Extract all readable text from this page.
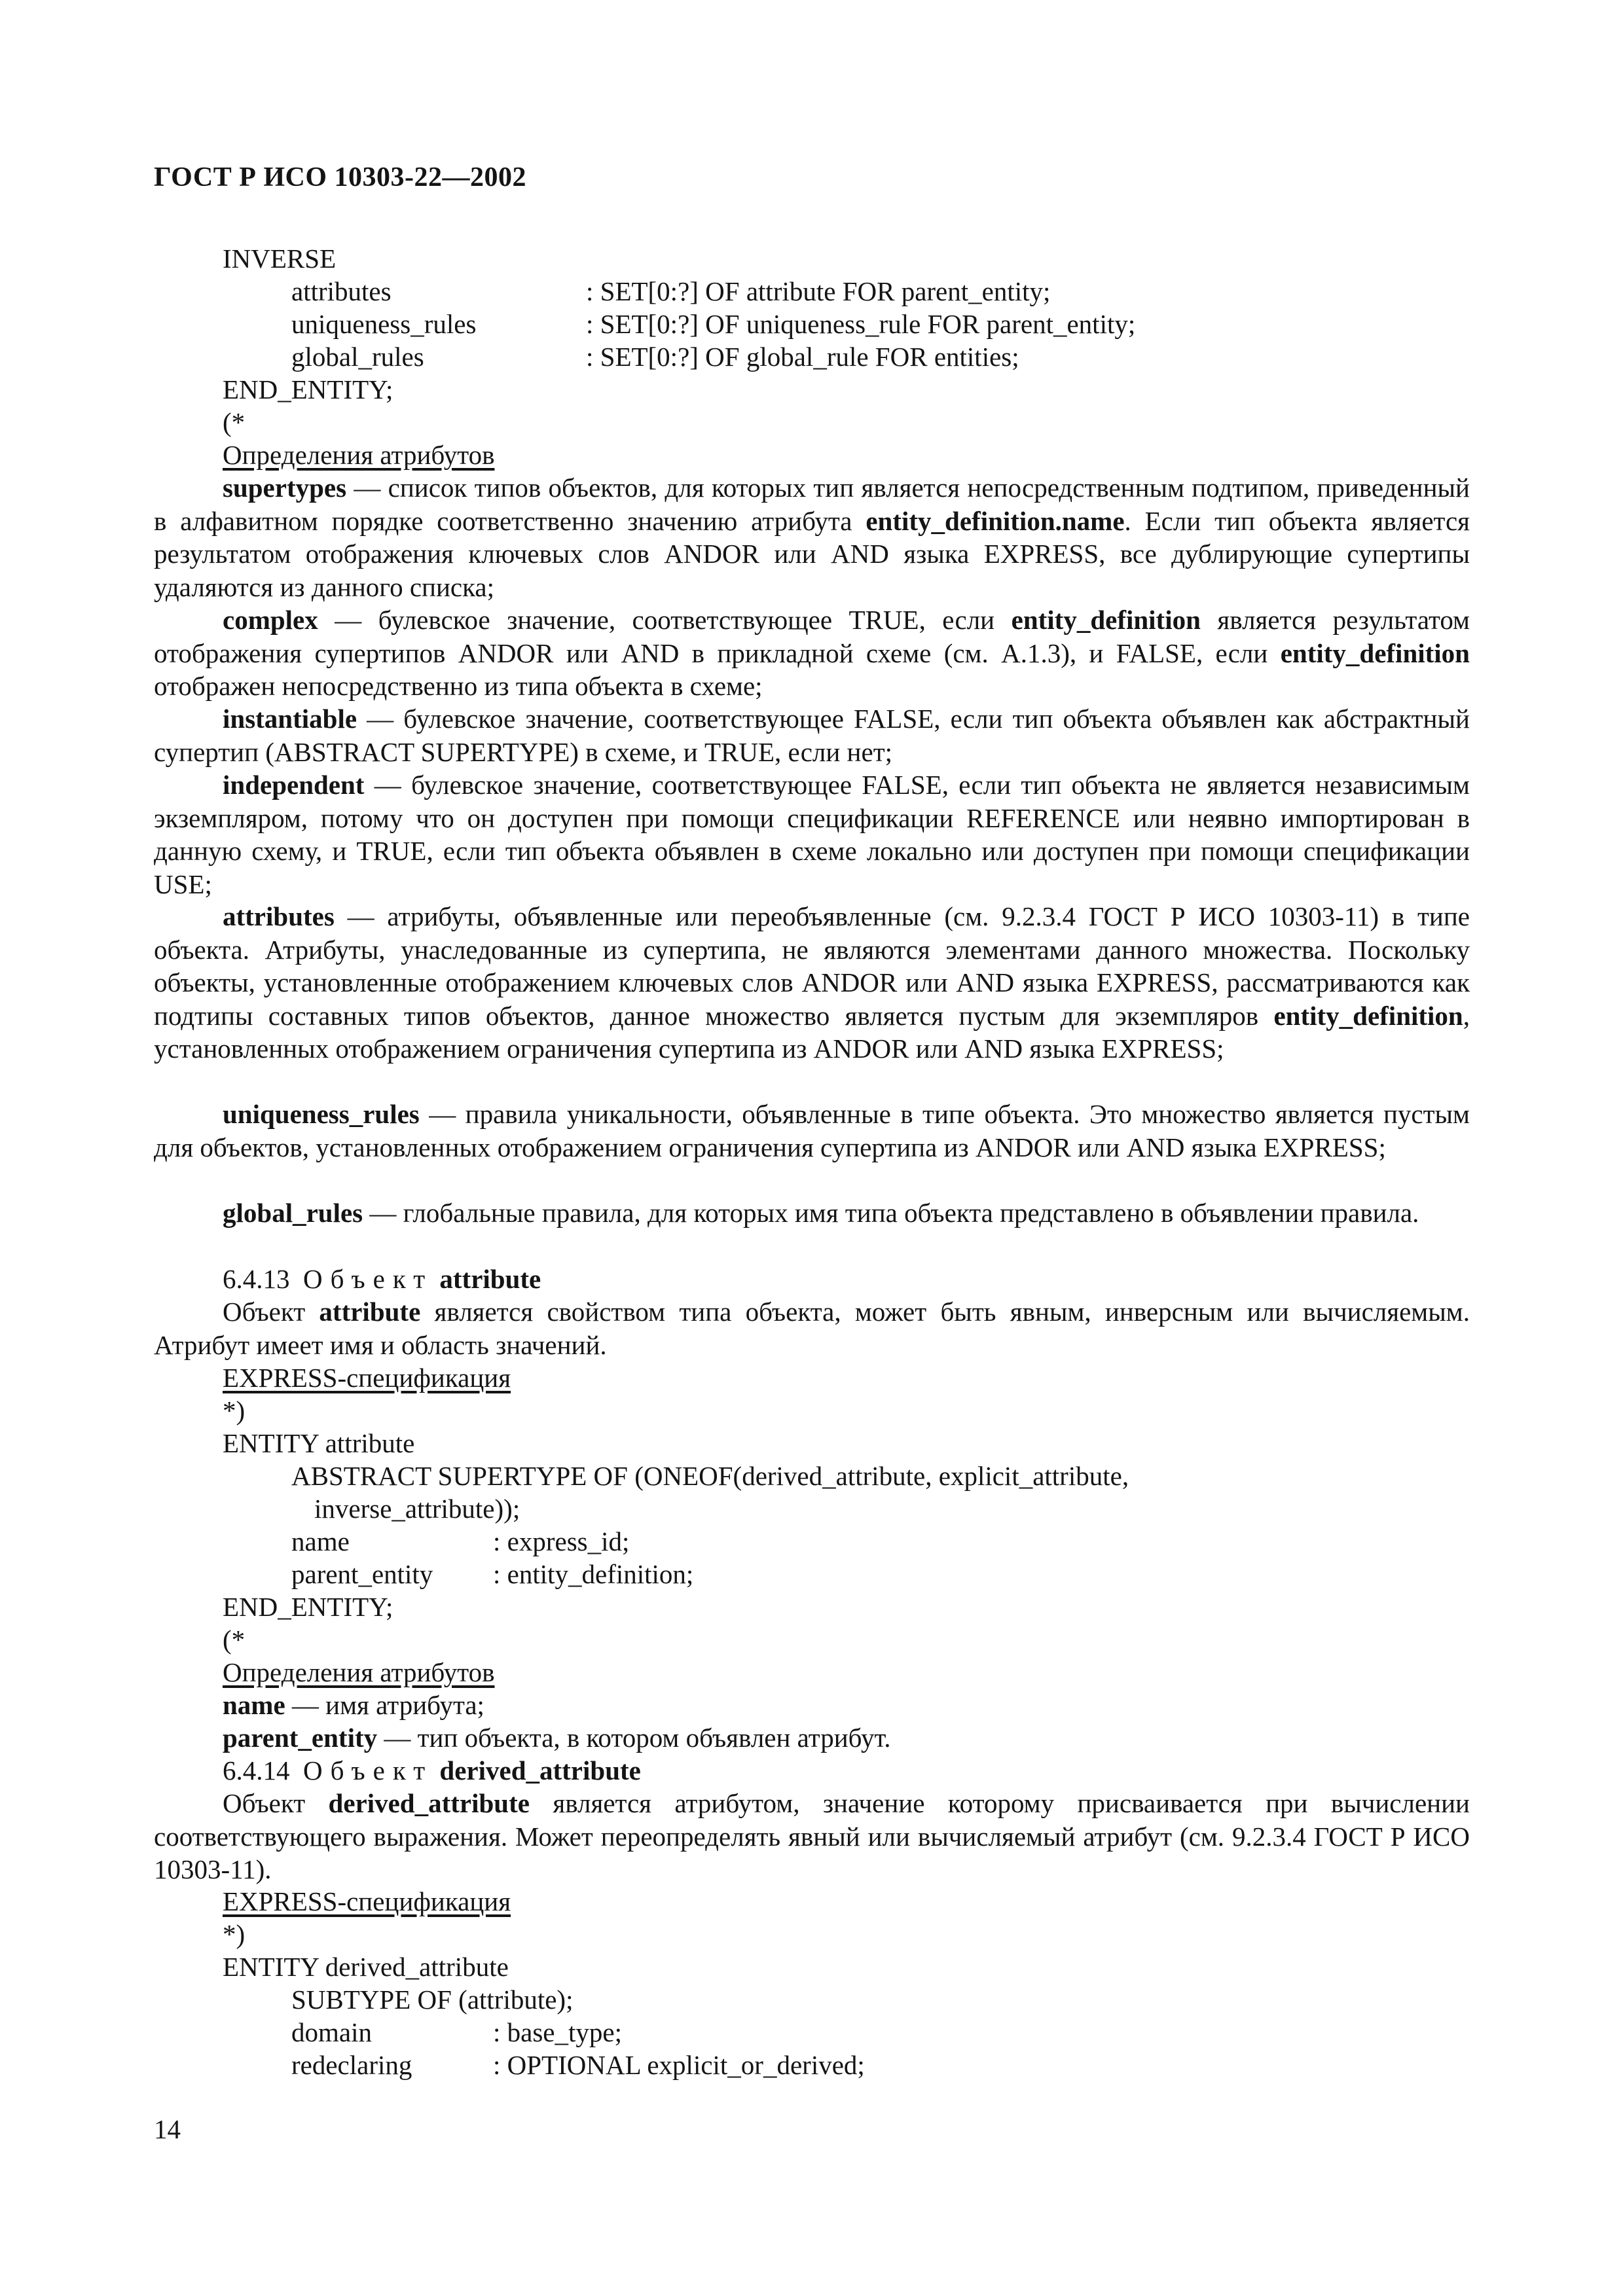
ГОСТ Р ИСО 10303-22—2002
INVERSE
attributes	: SET[0:?] OF attribute FOR parent_entity;
uniqueness_rules	: SET[0:?] OF uniqueness_rule FOR parent_entity;
global_rules	: SET[0:?] OF global_rule FOR entities;
END_ENTITY;
(*
Определения атрибутов
supertypes — список типов объектов, для которых тип является непосредственным подтипом, приведенный в алфавитном порядке соответственно значению атрибута entity_definition.name. Если тип объекта является результатом отображения ключевых слов ANDOR или AND языка EXPRESS, все дублирующие супертипы удаляются из данного списка;
complex — булевское значение, соответствующее TRUE, если entity_definition является результатом отображения супертипов ANDOR или AND в прикладной схеме (см. А.1.3), и FALSE, если entity_definition отображен непосредственно из типа объекта в схеме;
instantiable — булевское значение, соответствующее FALSE, если тип объекта объявлен как абстрактный супертип (ABSTRACT SUPERTYPE) в схеме, и TRUE, если нет;
independent — булевское значение, соответствующее FALSE, если тип объекта не является независимым экземпляром, потому что он доступен при помощи спецификации REFERENCE или неявно импортирован в данную схему, и TRUE, если тип объекта объявлен в схеме локально или доступен при помощи спецификации USE;
attributes — атрибуты, объявленные или переобъявленные (см. 9.2.3.4 ГОСТ Р ИСО 10303-11) в типе объекта. Атрибуты, унаследованные из супертипа, не являются элементами данного множества. Поскольку объекты, установленные отображением ключевых слов ANDOR или AND языка EXPRESS, рассматриваются как подтипы составных типов объектов, данное множество является пустым для экземпляров entity_definition, установленных отображением ограничения супертипа из ANDOR или AND языка EXPRESS;
uniqueness_rules — правила уникальности, объявленные в типе объекта. Это множество является пустым для объектов, установленных отображением ограничения супертипа из ANDOR или AND языка EXPRESS;
global_rules — глобальные правила, для которых имя типа объекта представлено в объявлении правила.
6.4.13 Объект attribute
Объект attribute является свойством типа объекта, может быть явным, инверсным или вычисляемым. Атрибут имеет имя и область значений.
EXPRESS-спецификация
*)
ENTITY attribute
ABSTRACT SUPERTYPE OF (ONEOF(derived_attribute, explicit_attribute,
inverse_attribute));
name	: express_id;
parent_entity : entity_definition;
END_ENTITY;
(*
Определения атрибутов
name — имя атрибута;
parent_entity — тип объекта, в котором объявлен атрибут.
6.4.14 Объект derived_attribute
Объект derived_attribute является атрибутом, значение которому присваивается при вычислении соответствующего выражения. Может переопределять явный или вычисляемый атрибут (см. 9.2.3.4 ГОСТ Р ИСО 10303-11).
EXPRESS-спецификация
*)
ENTITY derived_attribute
SUBTYPE OF (attribute);
domain	: base_type;
redeclaring	: OPTIONAL explicit_or_derived;
14
